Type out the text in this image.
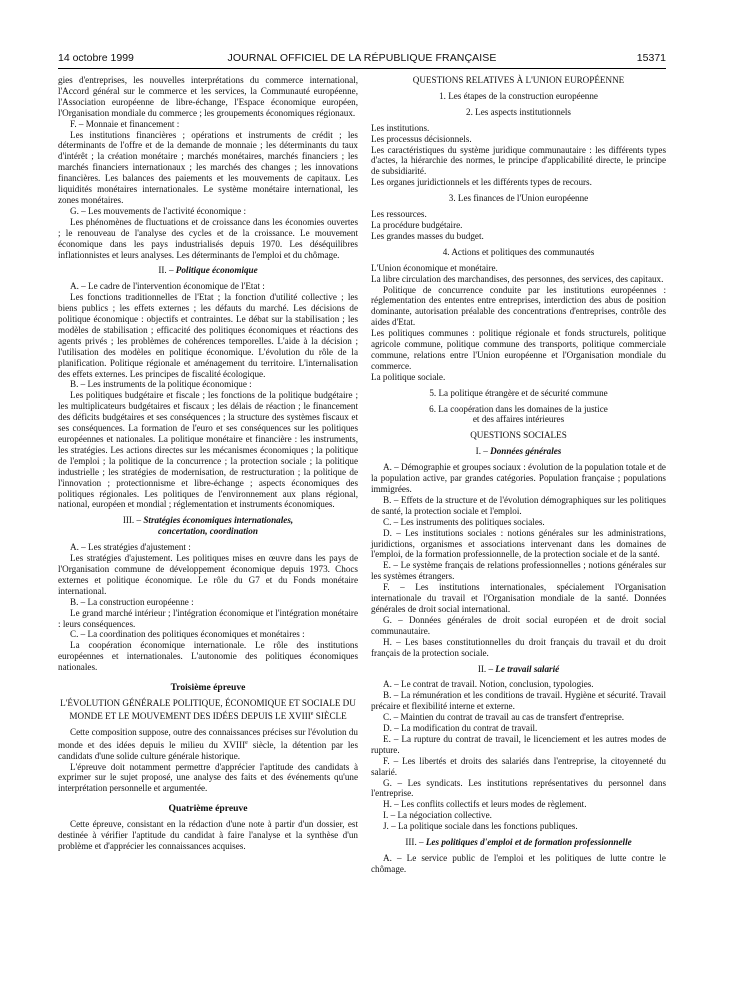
14 octobre 1999	JOURNAL OFFICIEL DE LA RÉPUBLIQUE FRANÇAISE	15371

gies d'entreprises, les nouvelles interprétations du commerce international, l'Accord général sur le commerce et les services, la Communauté européenne, l'Association européenne de libre-échange, l'Espace économique européen, l'Organisation mondiale du commerce ; les groupements économiques régionaux.

F. – Monnaie et financement :

Les institutions financières ; opérations et instruments de crédit ; les déterminants de l'offre et de la demande de monnaie ; les déterminants du taux d'intérêt ; la création monétaire ; marchés monétaires, marchés financiers ; les marchés financiers internationaux ; les marchés des changes ; les innovations financières. Les balances des paiements et les mouvements de capitaux. Les liquidités monétaires internationales. Le système monétaire international, les zones monétaires.

G. – Les mouvements de l'activité économique :

Les phénomènes de fluctuations et de croissance dans les économies ouvertes ; le renouveau de l'analyse des cycles et de la croissance. Le mouvement économique dans les pays industrialisés depuis 1970. Les déséquilibres inflationnistes et leurs analyses. Les déterminants de l'emploi et du chômage.

II. – Politique économique

A. – Le cadre de l'intervention économique de l'Etat :

Les fonctions traditionnelles de l'Etat ; la fonction d'utilité collective ; les biens publics ; les effets externes ; les défauts du marché. Les décisions de politique économique : objectifs et contraintes. Le débat sur la stabilisation ; les modèles de stabilisation ; efficacité des politiques économiques et réactions des agents privés ; les problèmes de cohérences temporelles. L'aide à la décision ; l'utilisation des modèles en politique économique. L'évolution du rôle de la planification. Politique régionale et aménagement du territoire. L'internalisation des effets externes. Les principes de fiscalité écologique.

B. – Les instruments de la politique économique :

Les politiques budgétaire et fiscale ; les fonctions de la politique budgétaire ; les multiplicateurs budgétaires et fiscaux ; les délais de réaction ; le financement des déficits budgétaires et ses conséquences ; la structure des systèmes fiscaux et ses conséquences. La formation de l'euro et ses conséquences sur les politiques européennes et nationales. La politique monétaire et financière : les instruments, les stratégies. Les actions directes sur les mécanismes économiques ; la politique de l'emploi ; la politique de la concurrence ; la protection sociale ; la politique industrielle ; les stratégies de modernisation, de restructuration ; la politique de l'innovation ; protectionnisme et libre-échange ; aspects économiques des politiques régionales. Les politiques de l'environnement aux plans régional, national, européen et mondial ; réglementation et instruments économiques.

III. – Stratégies économiques internationales,

concertation, coordination

A. – Les stratégies d'ajustement :

Les stratégies d'ajustement. Les politiques mises en œuvre dans les pays de l'Organisation commune de développement économique depuis 1973. Chocs externes et politique économique. Le rôle du G7 et du Fonds monétaire international.

B. – La construction européenne :

Le grand marché intérieur ; l'intégration économique et l'intégration monétaire : leurs conséquences.

C. – La coordination des politiques économiques et monétaires :

La coopération économique internationale. Le rôle des institutions européennes et internationales. L'autonomie des politiques économiques nationales.

Troisième épreuve

L'ÉVOLUTION GÉNÉRALE POLITIQUE, ÉCONOMIQUE ET SOCIALE DU MONDE ET LE MOUVEMENT DES IDÉES DEPUIS LE XVIIIe SIÈCLE

Cette composition suppose, outre des connaissances précises sur l'évolution du monde et des idées depuis le milieu du XVIIIe siècle, la détention par les candidats d'une solide culture générale historique.

L'épreuve doit notamment permettre d'apprécier l'aptitude des candidats à exprimer sur le sujet proposé, une analyse des faits et des événements qu'une interprétation personnelle et argumentée.

Quatrième épreuve

Cette épreuve, consistant en la rédaction d'une note à partir d'un dossier, est destinée à vérifier l'aptitude du candidat à faire l'analyse et la synthèse d'un problème et d'apprécier les connaissances acquises.

QUESTIONS RELATIVES À L'UNION EUROPÉENNE

1. Les étapes de la construction européenne

2. Les aspects institutionnels

Les institutions.

Les processus décisionnels.

Les caractéristiques du système juridique communautaire : les différents types d'actes, la hiérarchie des normes, le principe d'applicabilité directe, le principe de subsidiarité.

Les organes juridictionnels et les différents types de recours.

3. Les finances de l'Union européenne

Les ressources.

La procédure budgétaire.

Les grandes masses du budget.

4. Actions et politiques des communautés

L'Union économique et monétaire.

La libre circulation des marchandises, des personnes, des services, des capitaux.

Politique de concurrence conduite par les institutions européennes : réglementation des ententes entre entreprises, interdiction des abus de position dominante, autorisation préalable des concentrations d'entreprises, contrôle des aides d'Etat.

Les politiques communes : politique régionale et fonds structurels, politique agricole commune, politique commune des transports, politique commerciale commune, relations entre l'Union européenne et l'Organisation mondiale du commerce.

La politique sociale.

5. La politique étrangère et de sécurité commune

6. La coopération dans les domaines de la justice

et des affaires intérieures

QUESTIONS SOCIALES

I. – Données générales

A. – Démographie et groupes sociaux : évolution de la population totale et de la population active, par grandes catégories. Population française ; populations immigrées.

B. – Effets de la structure et de l'évolution démographiques sur les politiques de santé, la protection sociale et l'emploi.

C. – Les instruments des politiques sociales.

D. – Les institutions sociales : notions générales sur les administrations, juridictions, organismes et associations intervenant dans les domaines de l'emploi, de la formation professionnelle, de la protection sociale et de la santé.

E. – Le système français de relations professionnelles ; notions générales sur les systèmes étrangers.

F. – Les institutions internationales, spécialement l'Organisation internationale du travail et l'Organisation mondiale de la santé. Données générales de droit social international.

G. – Données générales de droit social européen et de droit social communautaire.

H. – Les bases constitutionnelles du droit français du travail et du droit français de la protection sociale.

II. – Le travail salarié

A. – Le contrat de travail. Notion, conclusion, typologies.

B. – La rémunération et les conditions de travail. Hygiène et sécurité. Travail précaire et flexibilité interne et externe.

C. – Maintien du contrat de travail au cas de transfert d'entreprise.

D. – La modification du contrat de travail.

E. – La rupture du contrat de travail, le licenciement et les autres modes de rupture.

F. – Les libertés et droits des salariés dans l'entreprise, la citoyenneté du salarié.

G. – Les syndicats. Les institutions représentatives du personnel dans l'entreprise.

H. – Les conflits collectifs et leurs modes de règlement.

I. – La négociation collective.

J. – La politique sociale dans les fonctions publiques.

III. – Les politiques d'emploi et de formation professionnelle

A. – Le service public de l'emploi et les politiques de lutte contre le chômage.
